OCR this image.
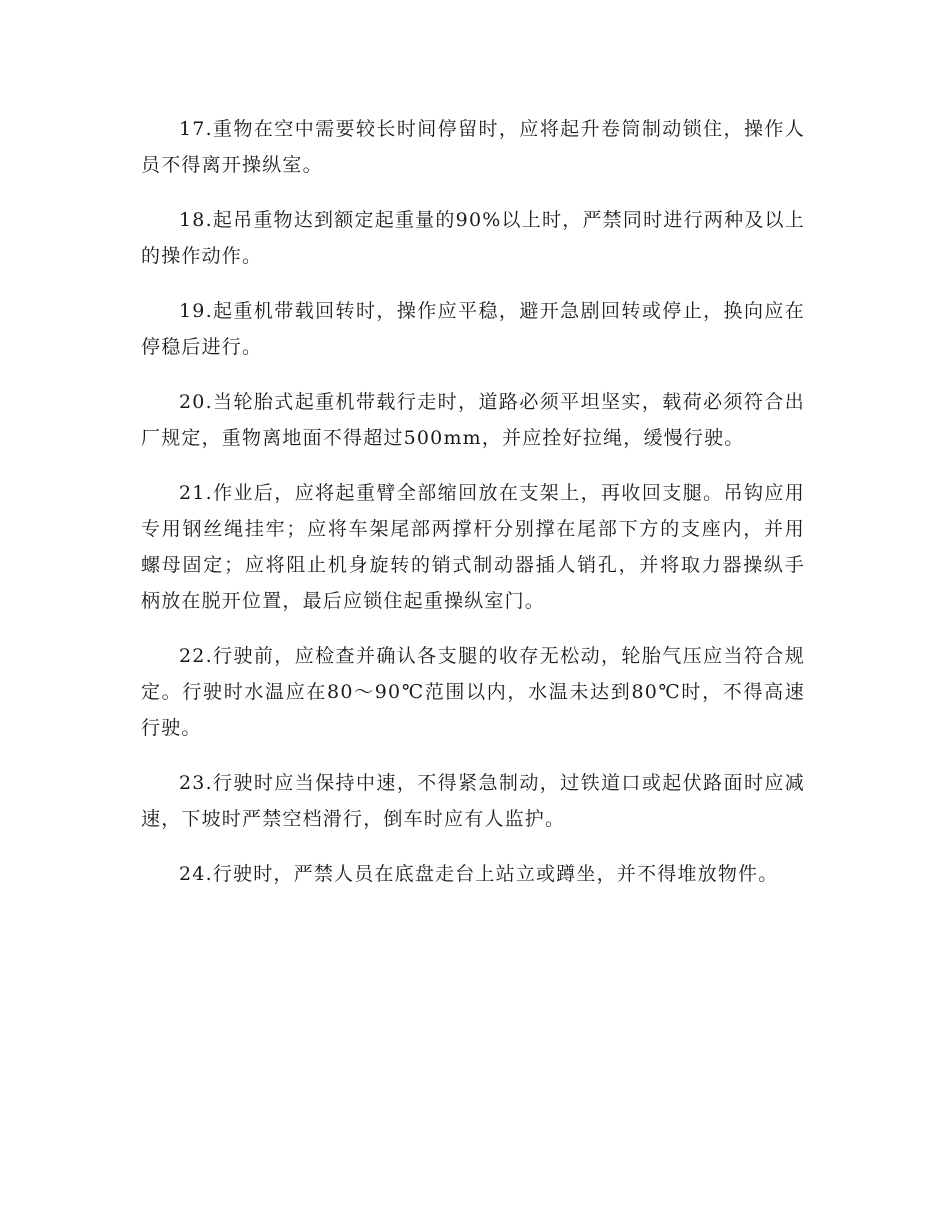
17.重物在空中需要较长时间停留时，应将起升卷筒制动锁住，操作人员不得离开操纵室。

18.起吊重物达到额定起重量的90%以上时，严禁同时进行两种及以上的操作动作。

19.起重机带载回转时，操作应平稳，避开急剧回转或停止，换向应在停稳后进行。

20.当轮胎式起重机带载行走时，道路必须平坦坚实，载荷必须符合出厂规定，重物离地面不得超过500mm，并应拴好拉绳，缓慢行驶。

21.作业后，应将起重臂全部缩回放在支架上，再收回支腿。吊钩应用专用钢丝绳挂牢；应将车架尾部两撑杆分别撑在尾部下方的支座内，并用螺母固定；应将阻止机身旋转的销式制动器插人销孔，并将取力器操纵手柄放在脱开位置，最后应锁住起重操纵室门。

22.行驶前，应检查并确认各支腿的收存无松动，轮胎气压应当符合规定。行驶时水温应在80～90℃范围以内，水温未达到80℃时，不得高速行驶。

23.行驶时应当保持中速，不得紧急制动，过铁道口或起伏路面时应减速，下坡时严禁空档滑行，倒车时应有人监护。

24.行驶时，严禁人员在底盘走台上站立或蹲坐，并不得堆放物件。
